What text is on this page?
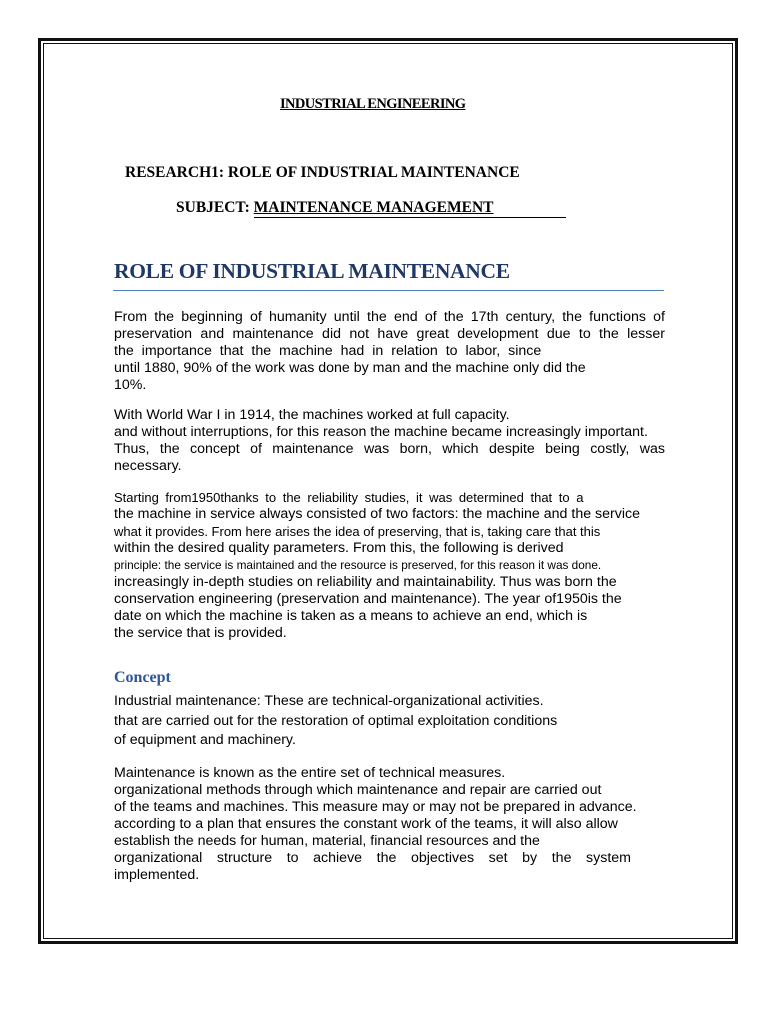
INDUSTRIAL ENGINEERING
RESEARCH1: ROLE OF INDUSTRIAL MAINTENANCE
SUBJECT: MAINTENANCE MANAGEMENT
ROLE OF INDUSTRIAL MAINTENANCE
From the beginning of humanity until the end of the 17th century, the functions of
preservation and maintenance did not have great development due to the lesser
the importance that the machine had in relation to labor, since
until 1880, 90% of the work was done by man and the machine only did the
10%.
With World War I in 1914, the machines worked at full capacity.
and without interruptions, for this reason the machine became increasingly important.
Thus, the concept of maintenance was born, which despite being costly, was
necessary.
Starting from1950thanks to the reliability studies, it was determined that to a
the machine in service always consisted of two factors: the machine and the service
what it provides. From here arises the idea of preserving, that is, taking care that this
within the desired quality parameters. From this, the following is derived
principle: the service is maintained and the resource is preserved, for this reason it was done.
increasingly in-depth studies on reliability and maintainability. Thus was born the
conservation engineering (preservation and maintenance). The year of1950is the
date on which the machine is taken as a means to achieve an end, which is
the service that is provided.
Concept
Industrial maintenance: These are technical-organizational activities.
that are carried out for the restoration of optimal exploitation conditions
of equipment and machinery.
Maintenance is known as the entire set of technical measures.
organizational methods through which maintenance and repair are carried out
of the teams and machines. This measure may or may not be prepared in advance.
according to a plan that ensures the constant work of the teams, it will also allow
establish the needs for human, material, financial resources and the
organizational structure to achieve the objectives set by the system
implemented.
